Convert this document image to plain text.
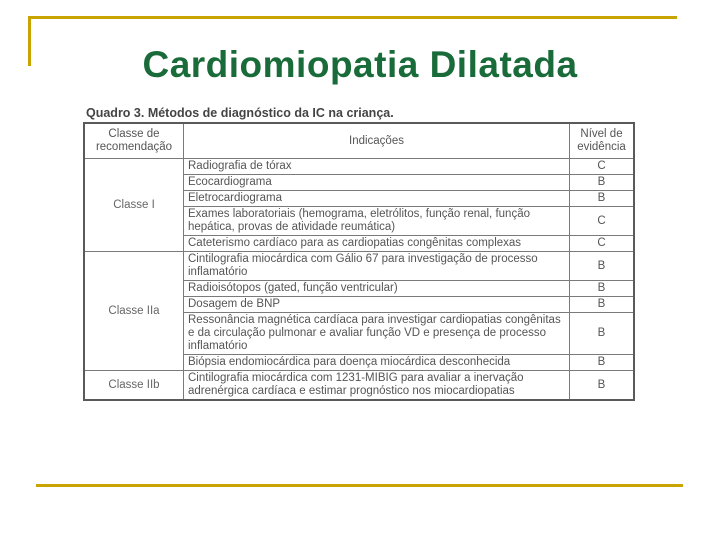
Cardiomiopatia Dilatada
Quadro 3. Métodos de diagnóstico da IC na criança.
Classe de recomendação	Indicações	Nível de evidência
Classe I	Radiografia de tórax	C
	Ecocardiograma	B
	Eletrocardiograma	B
	Exames laboratoriais (hemograma, eletrólitos, função renal, função hepática, provas de atividade reumática)	C
	Cateterismo cardíaco para as cardiopatias congênitas complexas	C
Classe IIa	Cintilografia miocárdica com Gálio 67 para investigação de processo inflamatório	B
	Radioisótopos (gated, função ventricular)	B
	Dosagem de BNP	B
	Ressonância magnética cardíaca para investigar cardiopatias congênitas e da circulação pulmonar e avaliar função VD e presença de processo inflamatório	B
	Biópsia endomiocárdica para doença miocárdica desconhecida	B
Classe IIb	Cintilografia miocárdica com 1231-MIBIG para avaliar a inervação adrenérgica cardíaca e estimar prognóstico nos miocardiopatias	B
